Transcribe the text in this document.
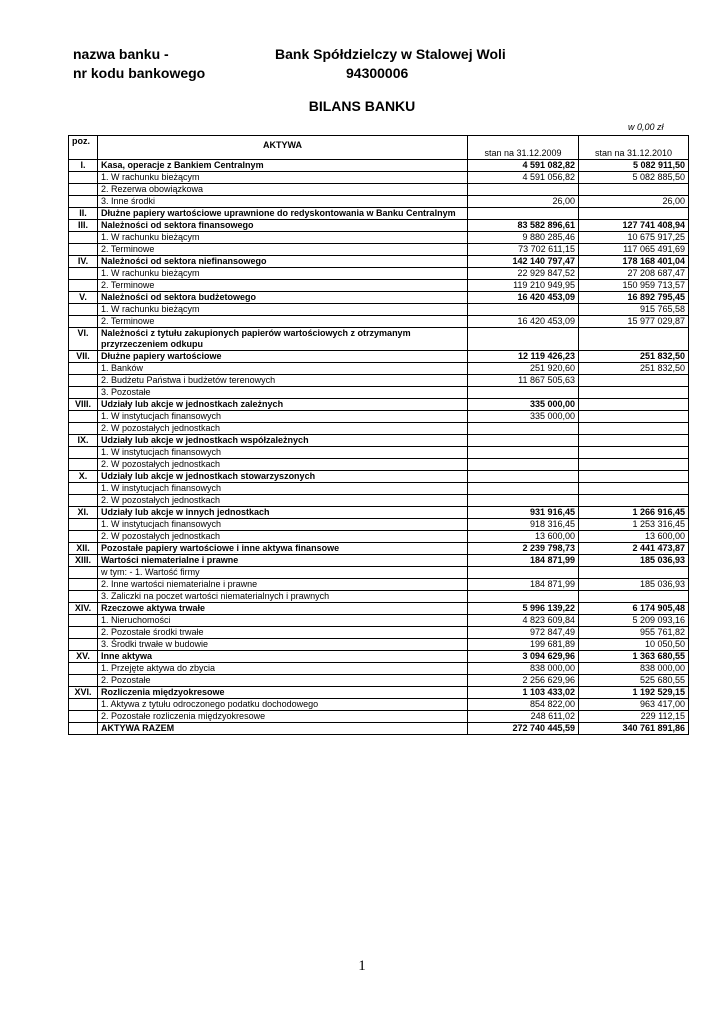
nazwa banku -	Bank Spółdzielczy w Stalowej Woli
nr kodu bankowego	94300006
BILANS BANKU
w 0,00 zł
poz.	AKTYWA	stan na 31.12.2009	stan na 31.12.2010
I.	Kasa, operacje z Bankiem Centralnym	4 591 082,82	5 082 911,50
	1. W rachunku bieżącym	4 591 056,82	5 082 885,50
	2. Rezerwa obowiązkowa		
	3. Inne środki	26,00	26,00
II.	Dłużne papiery wartościowe uprawnione do redyskontowania w Banku Centralnym		
III.	Należności od sektora finansowego	83 582 896,61	127 741 408,94
	1. W rachunku bieżącym	9 880 285,46	10 675 917,25
	2. Terminowe	73 702 611,15	117 065 491,69
IV.	Należności od sektora niefinansowego	142 140 797,47	178 168 401,04
	1. W rachunku bieżącym	22 929 847,52	27 208 687,47
	2. Terminowe	119 210 949,95	150 959 713,57
V.	Należności od sektora budżetowego	16 420 453,09	16 892 795,45
	1. W rachunku bieżącym		915 765,58
	2. Terminowe	16 420 453,09	15 977 029,87
VI.	Należności z tytułu zakupionych papierów wartościowych z otrzymanym przyrzeczeniem odkupu		
VII.	Dłużne papiery wartościowe	12 119 426,23	251 832,50
	1. Banków	251 920,60	251 832,50
	2. Budżetu Państwa i budżetów terenowych	11 867 505,63	
	3. Pozostałe		
VIII.	Udziały lub akcje w jednostkach zależnych	335 000,00	
	1. W instytucjach finansowych	335 000,00	
	2. W pozostałych jednostkach		
IX.	Udziały lub akcje w jednostkach współzależnych		
	1. W instytucjach finansowych		
	2. W pozostałych jednostkach		
X.	Udziały lub akcje w jednostkach stowarzyszonych		
	1. W instytucjach finansowych		
	2. W pozostałych jednostkach		
XI.	Udziały lub akcje w innych jednostkach	931 916,45	1 266 916,45
	1. W instytucjach finansowych	918 316,45	1 253 316,45
	2. W pozostałych jednostkach	13 600,00	13 600,00
XII.	Pozostałe papiery wartościowe i inne aktywa finansowe	2 239 798,73	2 441 473,87
XIII.	Wartości niematerialne i prawne	184 871,99	185 036,93
	w tym: - 1. Wartość firmy		
	2. Inne wartości niematerialne i prawne	184 871,99	185 036,93
	3. Zaliczki na poczet wartości niematerialnych i prawnych		
XIV.	Rzeczowe aktywa trwałe	5 996 139,22	6 174 905,48
	1. Nieruchomości	4 823 609,84	5 209 093,16
	2. Pozostałe środki trwałe	972 847,49	955 761,82
	3. Środki trwałe w budowie	199 681,89	10 050,50
XV.	Inne aktywa	3 094 629,96	1 363 680,55
	1. Przejęte aktywa do zbycia	838 000,00	838 000,00
	2. Pozostałe	2 256 629,96	525 680,55
XVI.	Rozliczenia międzyokresowe	1 103 433,02	1 192 529,15
	1. Aktywa z tytułu odroczonego podatku dochodowego	854 822,00	963 417,00
	2. Pozostałe rozliczenia międzyokresowe	248 611,02	229 112,15
	AKTYWA RAZEM	272 740 445,59	340 761 891,86
1
